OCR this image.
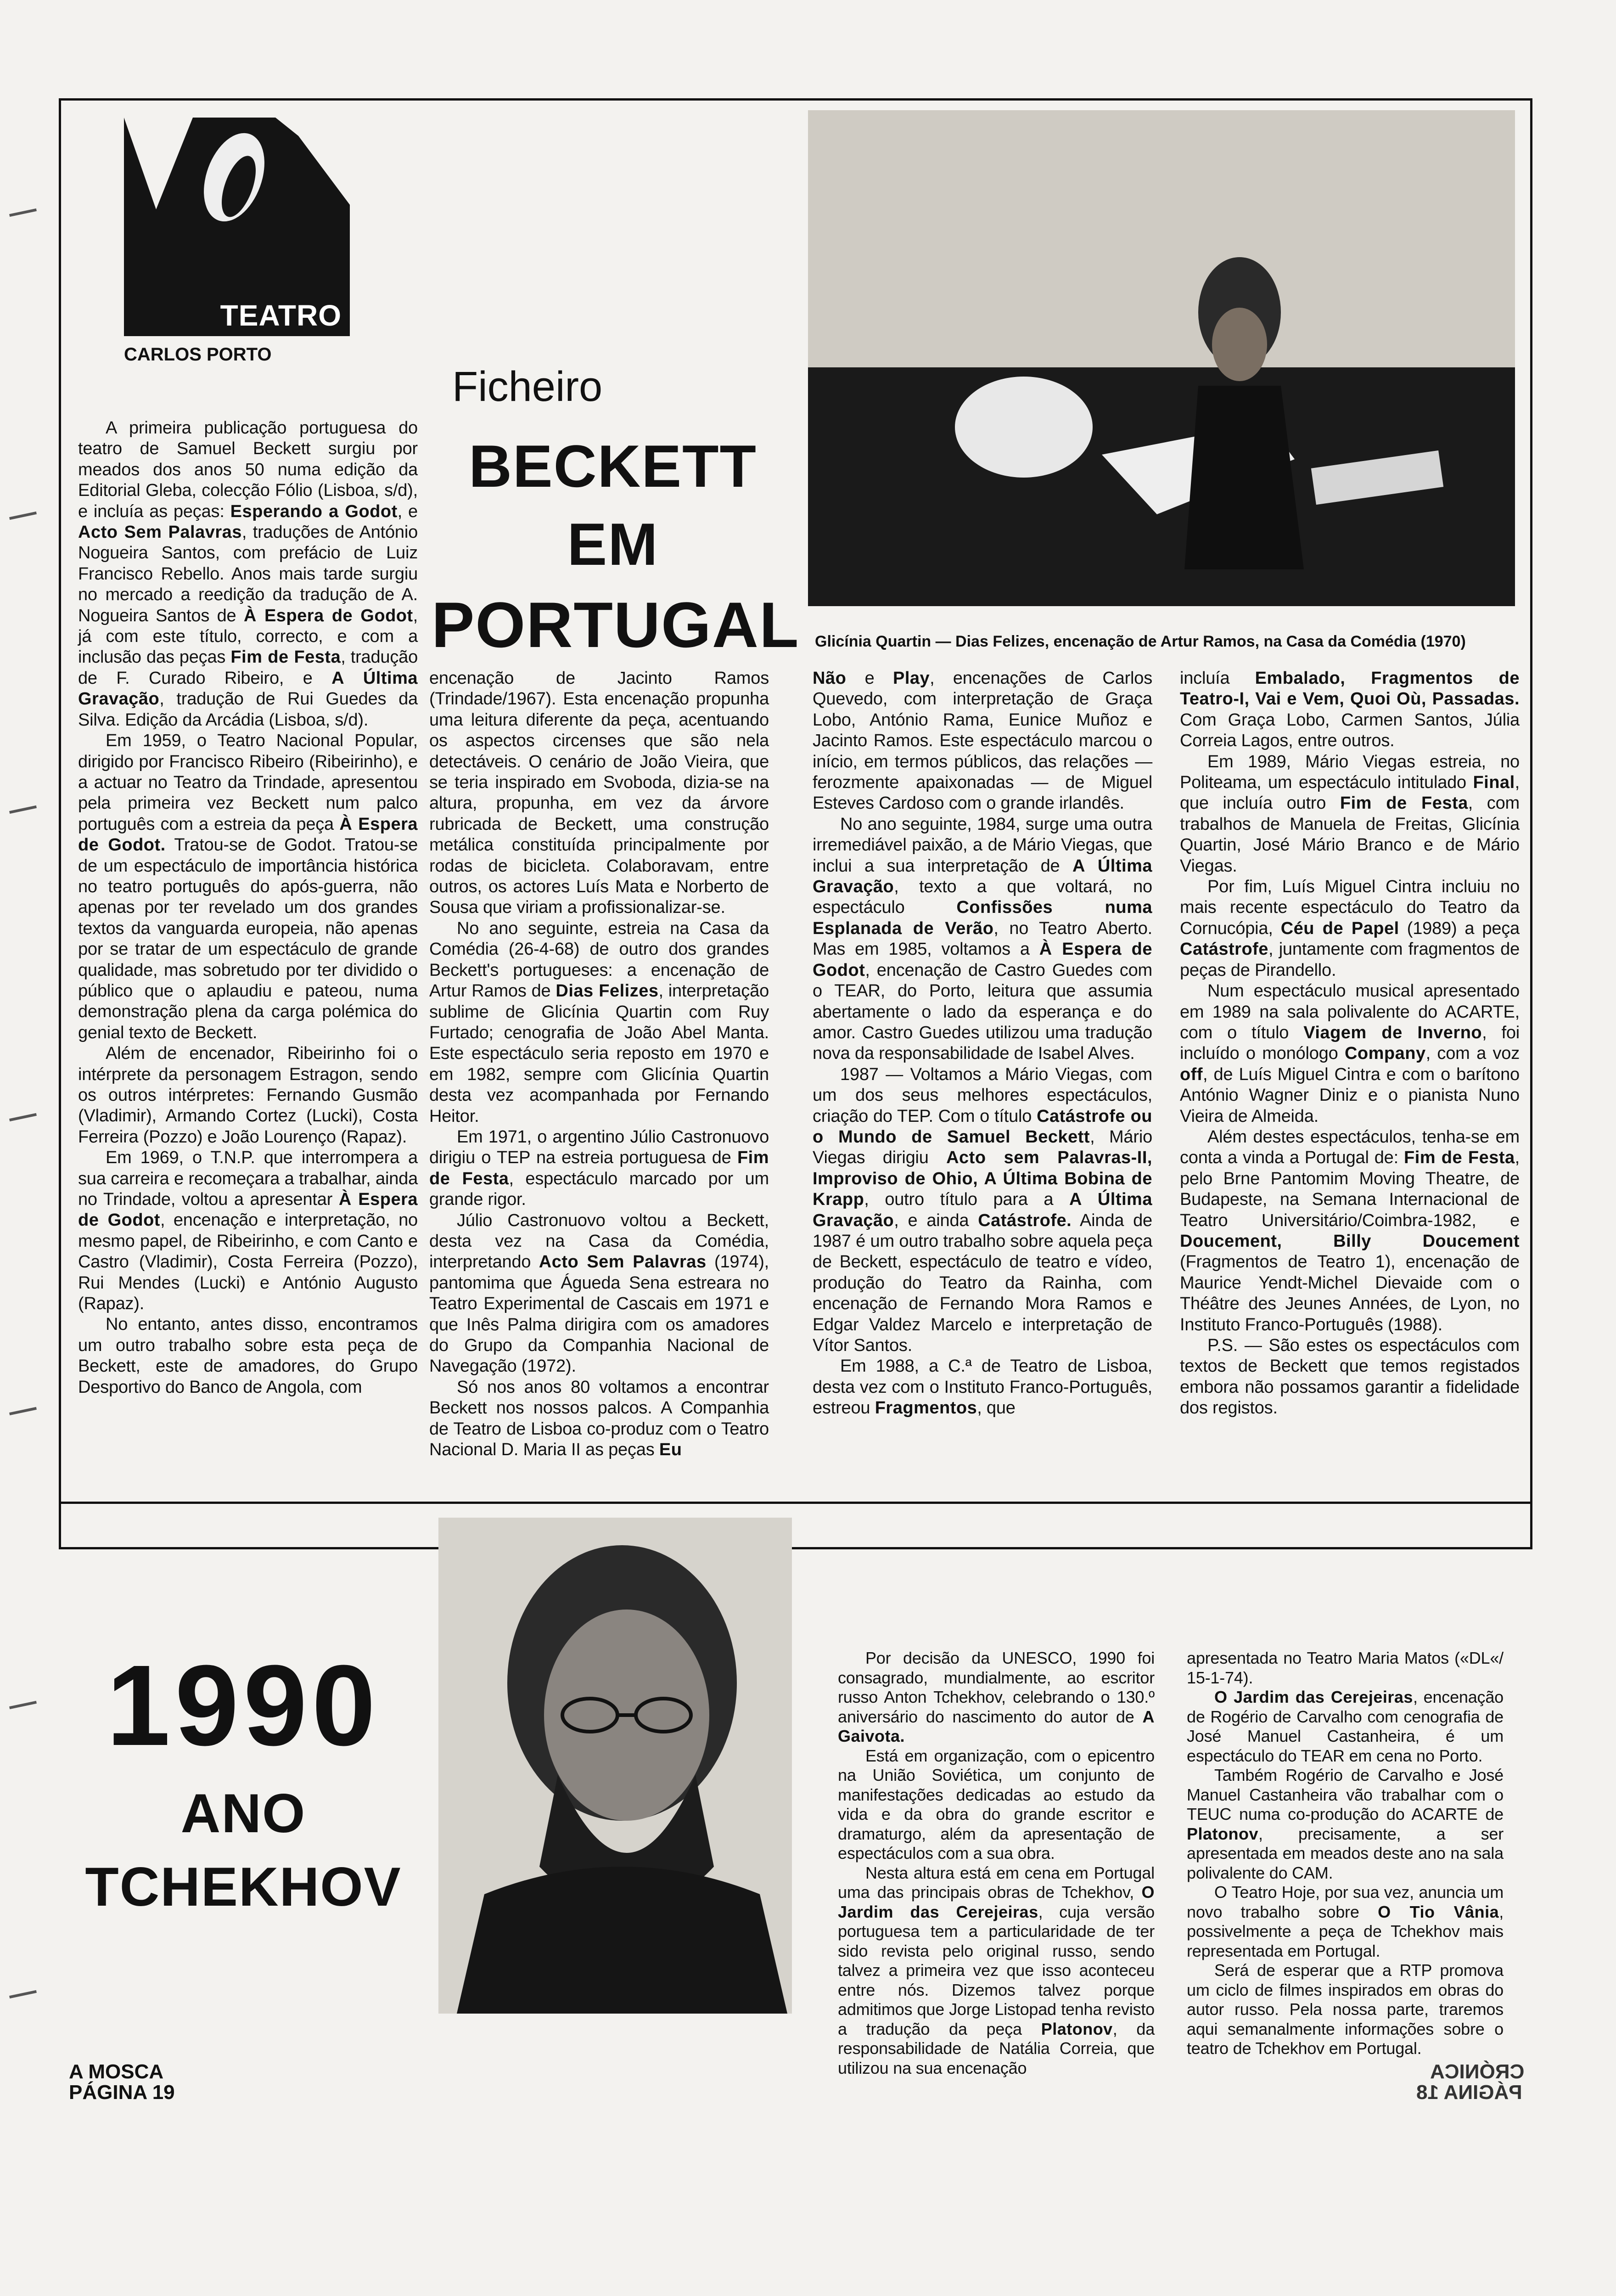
TEATRO
CARLOS PORTO
Ficheiro
BECKETT
EM
PORTUGAL Glicínia Quartin — Dias Felizes, encenação de Artur Ramos, na Casa da Comédia (1970)

A primeira publicação portuguesa do teatro de Samuel Beckett surgiu por meados dos anos 50 numa edição da Editorial Gleba, colecção Fólio (Lisboa, s/d), e incluía as peças: Esperando a Godot, e Acto Sem Palavras, traduções de António Nogueira Santos, com prefácio de Luiz Francisco Rebello. Anos mais tarde surgiu no mercado a reedição da tradução de A. Nogueira Santos de À Espera de Godot, já com este título, correcto, e com a inclusão das peças Fim de Festa, tradução de F. Curado Ribeiro, e A Última Gravação, tradução de Rui Guedes da Silva. Edição da Arcádia (Lisboa, s/d).

Em 1959, o Teatro Nacional Popular, dirigido por Francisco Ribeiro (Ribeirinho), e a actuar no Teatro da Trindade, apresentou pela primeira vez Beckett num palco português com a estreia da peça À Espera de Godot. Tratou-se de Godot. Tratou-se de um espectáculo de importância histórica no teatro português do após-guerra, não apenas por ter revelado um dos grandes textos da vanguarda europeia, não apenas por se tratar de um espectáculo de grande qualidade, mas sobretudo por ter dividido o público que o aplaudiu e pateou, numa demonstração plena da carga polémica do genial texto de Beckett.

Além de encenador, Ribeirinho foi o intérprete da personagem Estragon, sendo os outros intérpretes: Fernando Gusmão (Vladimir), Armando Cortez (Lucki), Costa Ferreira (Pozzo) e João Lourenço (Rapaz).

Em 1969, o T.N.P. que interrompera a sua carreira e recomeçara a trabalhar, ainda no Trindade, voltou a apresentar À Espera de Godot, encenação e interpretação, no mesmo papel, de Ribeirinho, e com Canto e Castro (Vladimir), Costa Ferreira (Pozzo), Rui Mendes (Lucki) e António Augusto (Rapaz).

No entanto, antes disso, encontramos um outro trabalho sobre esta peça de Beckett, este de amadores, do Grupo Desportivo do Banco de Angola, com

encenação de Jacinto Ramos (Trindade/1967). Esta encenação propunha uma leitura diferente da peça, acentuando os aspectos circenses que são nela detectáveis. O cenário de João Vieira, que se teria inspirado em Svoboda, dizia-se na altura, propunha, em vez da árvore rubricada de Beckett, uma construção metálica constituída principalmente por rodas de bicicleta. Colaboravam, entre outros, os actores Luís Mata e Norberto de Sousa que viriam a profissionalizar-se.

No ano seguinte, estreia na Casa da Comédia (26-4-68) de outro dos grandes Beckett's portugueses: a encenação de Artur Ramos de Dias Felizes, interpretação sublime de Glicínia Quartin com Ruy Furtado; cenografia de João Abel Manta. Este espectáculo seria reposto em 1970 e em 1982, sempre com Glicínia Quartin desta vez acompanhada por Fernando Heitor.

Em 1971, o argentino Júlio Castronuovo dirigiu o TEP na estreia portuguesa de Fim de Festa, espectáculo marcado por um grande rigor.

Júlio Castronuovo voltou a Beckett, desta vez na Casa da Comédia, interpretando Acto Sem Palavras (1974), pantomima que Águeda Sena estreara no Teatro Experimental de Cascais em 1971 e que Inês Palma dirigira com os amadores do Grupo da Companhia Nacional de Navegação (1972).

Só nos anos 80 voltamos a encontrar Beckett nos nossos palcos. A Companhia de Teatro de Lisboa co-produz com o Teatro Nacional D. Maria II as peças Eu

Não e Play, encenações de Carlos Quevedo, com interpretação de Graça Lobo, António Rama, Eunice Muñoz e Jacinto Ramos. Este espectáculo marcou o início, em termos públicos, das relações — ferozmente apaixonadas — de Miguel Esteves Cardoso com o grande irlandês.

No ano seguinte, 1984, surge uma outra irremediável paixão, a de Mário Viegas, que inclui a sua interpretação de A Última Gravação, texto a que voltará, no espectáculo Confissões numa Esplanada de Verão, no Teatro Aberto. Mas em 1985, voltamos a À Espera de Godot, encenação de Castro Guedes com o TEAR, do Porto, leitura que assumia abertamente o lado da esperança e do amor. Castro Guedes utilizou uma tradução nova da responsabilidade de Isabel Alves.

1987 — Voltamos a Mário Viegas, com um dos seus melhores espectáculos, criação do TEP. Com o título Catástrofe ou o Mundo de Samuel Beckett, Mário Viegas dirigiu Acto sem Palavras-II, Improviso de Ohio, A Última Bobina de Krapp, outro título para a A Última Gravação, e ainda Catástrofe. Ainda de 1987 é um outro trabalho sobre aquela peça de Beckett, espectáculo de teatro e vídeo, produção do Teatro da Rainha, com encenação de Fernando Mora Ramos e Edgar Valdez Marcelo e interpretação de Vítor Santos.

Em 1988, a C.ª de Teatro de Lisboa, desta vez com o Instituto Franco-Português, estreou Fragmentos, que

incluía Embalado, Fragmentos de Teatro-I, Vai e Vem, Quoi Où, Passadas. Com Graça Lobo, Carmen Santos, Júlia Correia Lagos, entre outros.

Em 1989, Mário Viegas estreia, no Politeama, um espectáculo intitulado Final, que incluía outro Fim de Festa, com trabalhos de Manuela de Freitas, Glicínia Quartin, José Mário Branco e de Mário Viegas.

Por fim, Luís Miguel Cintra incluiu no mais recente espectáculo do Teatro da Cornucópia, Céu de Papel (1989) a peça Catástrofe, juntamente com fragmentos de peças de Pirandello.

Num espectáculo musical apresentado em 1989 na sala polivalente do ACARTE, com o título Viagem de Inverno, foi incluído o monólogo Company, com a voz off, de Luís Miguel Cintra e com o barítono António Wagner Diniz e o pianista Nuno Vieira de Almeida.

Além destes espectáculos, tenha-se em conta a vinda a Portugal de: Fim de Festa, pelo Brne Pantomim Moving Theatre, de Budapeste, na Semana Internacional de Teatro Universitário/Coimbra-1982, e Doucement, Billy Doucement (Fragmentos de Teatro 1), encenação de Maurice Yendt-Michel Dievaide com o Théâtre des Jeunes Années, de Lyon, no Instituto Franco-Português (1988).

P.S. — São estes os espectáculos com textos de Beckett que temos registados embora não possamos garantir a fidelidade dos registos.

1990
ANO
TCHEKHOV

Por decisão da UNESCO, 1990 foi consagrado, mundialmente, ao escritor russo Anton Tchekhov, celebrando o 130.º aniversário do nascimento do autor de A Gaivota.

Está em organização, com o epicentro na União Soviética, um conjunto de manifestações dedicadas ao estudo da vida e da obra do grande escritor e dramaturgo, além da apresentação de espectáculos com a sua obra.

Nesta altura está em cena em Portugal uma das principais obras de Tchekhov, O Jardim das Cerejeiras, cuja versão portuguesa tem a particularidade de ter sido revista pelo original russo, sendo talvez a primeira vez que isso aconteceu entre nós. Dizemos talvez porque admitimos que Jorge Listopad tenha revisto a tradução da peça Platonov, da responsabilidade de Natália Correia, que utilizou na sua encenação

apresentada no Teatro Maria Matos («DL«/ 15-1-74).

O Jardim das Cerejeiras, encenação de Rogério de Carvalho com cenografia de José Manuel Castanheira, é um espectáculo do TEAR em cena no Porto.

Também Rogério de Carvalho e José Manuel Castanheira vão trabalhar com o TEUC numa co-produção do ACARTE de Platonov, precisamente, a ser apresentada em meados deste ano na sala polivalente do CAM.

O Teatro Hoje, por sua vez, anuncia um novo trabalho sobre O Tio Vânia, possivelmente a peça de Tchekhov mais representada em Portugal.

Será de esperar que a RTP promova um ciclo de filmes inspirados em obras do autor russo. Pela nossa parte, traremos aqui semanalmente informações sobre o teatro de Tchekhov em Portugal.

A MOSCA
PÁGINA 19
CRÓNICA
PÁGINA 18
